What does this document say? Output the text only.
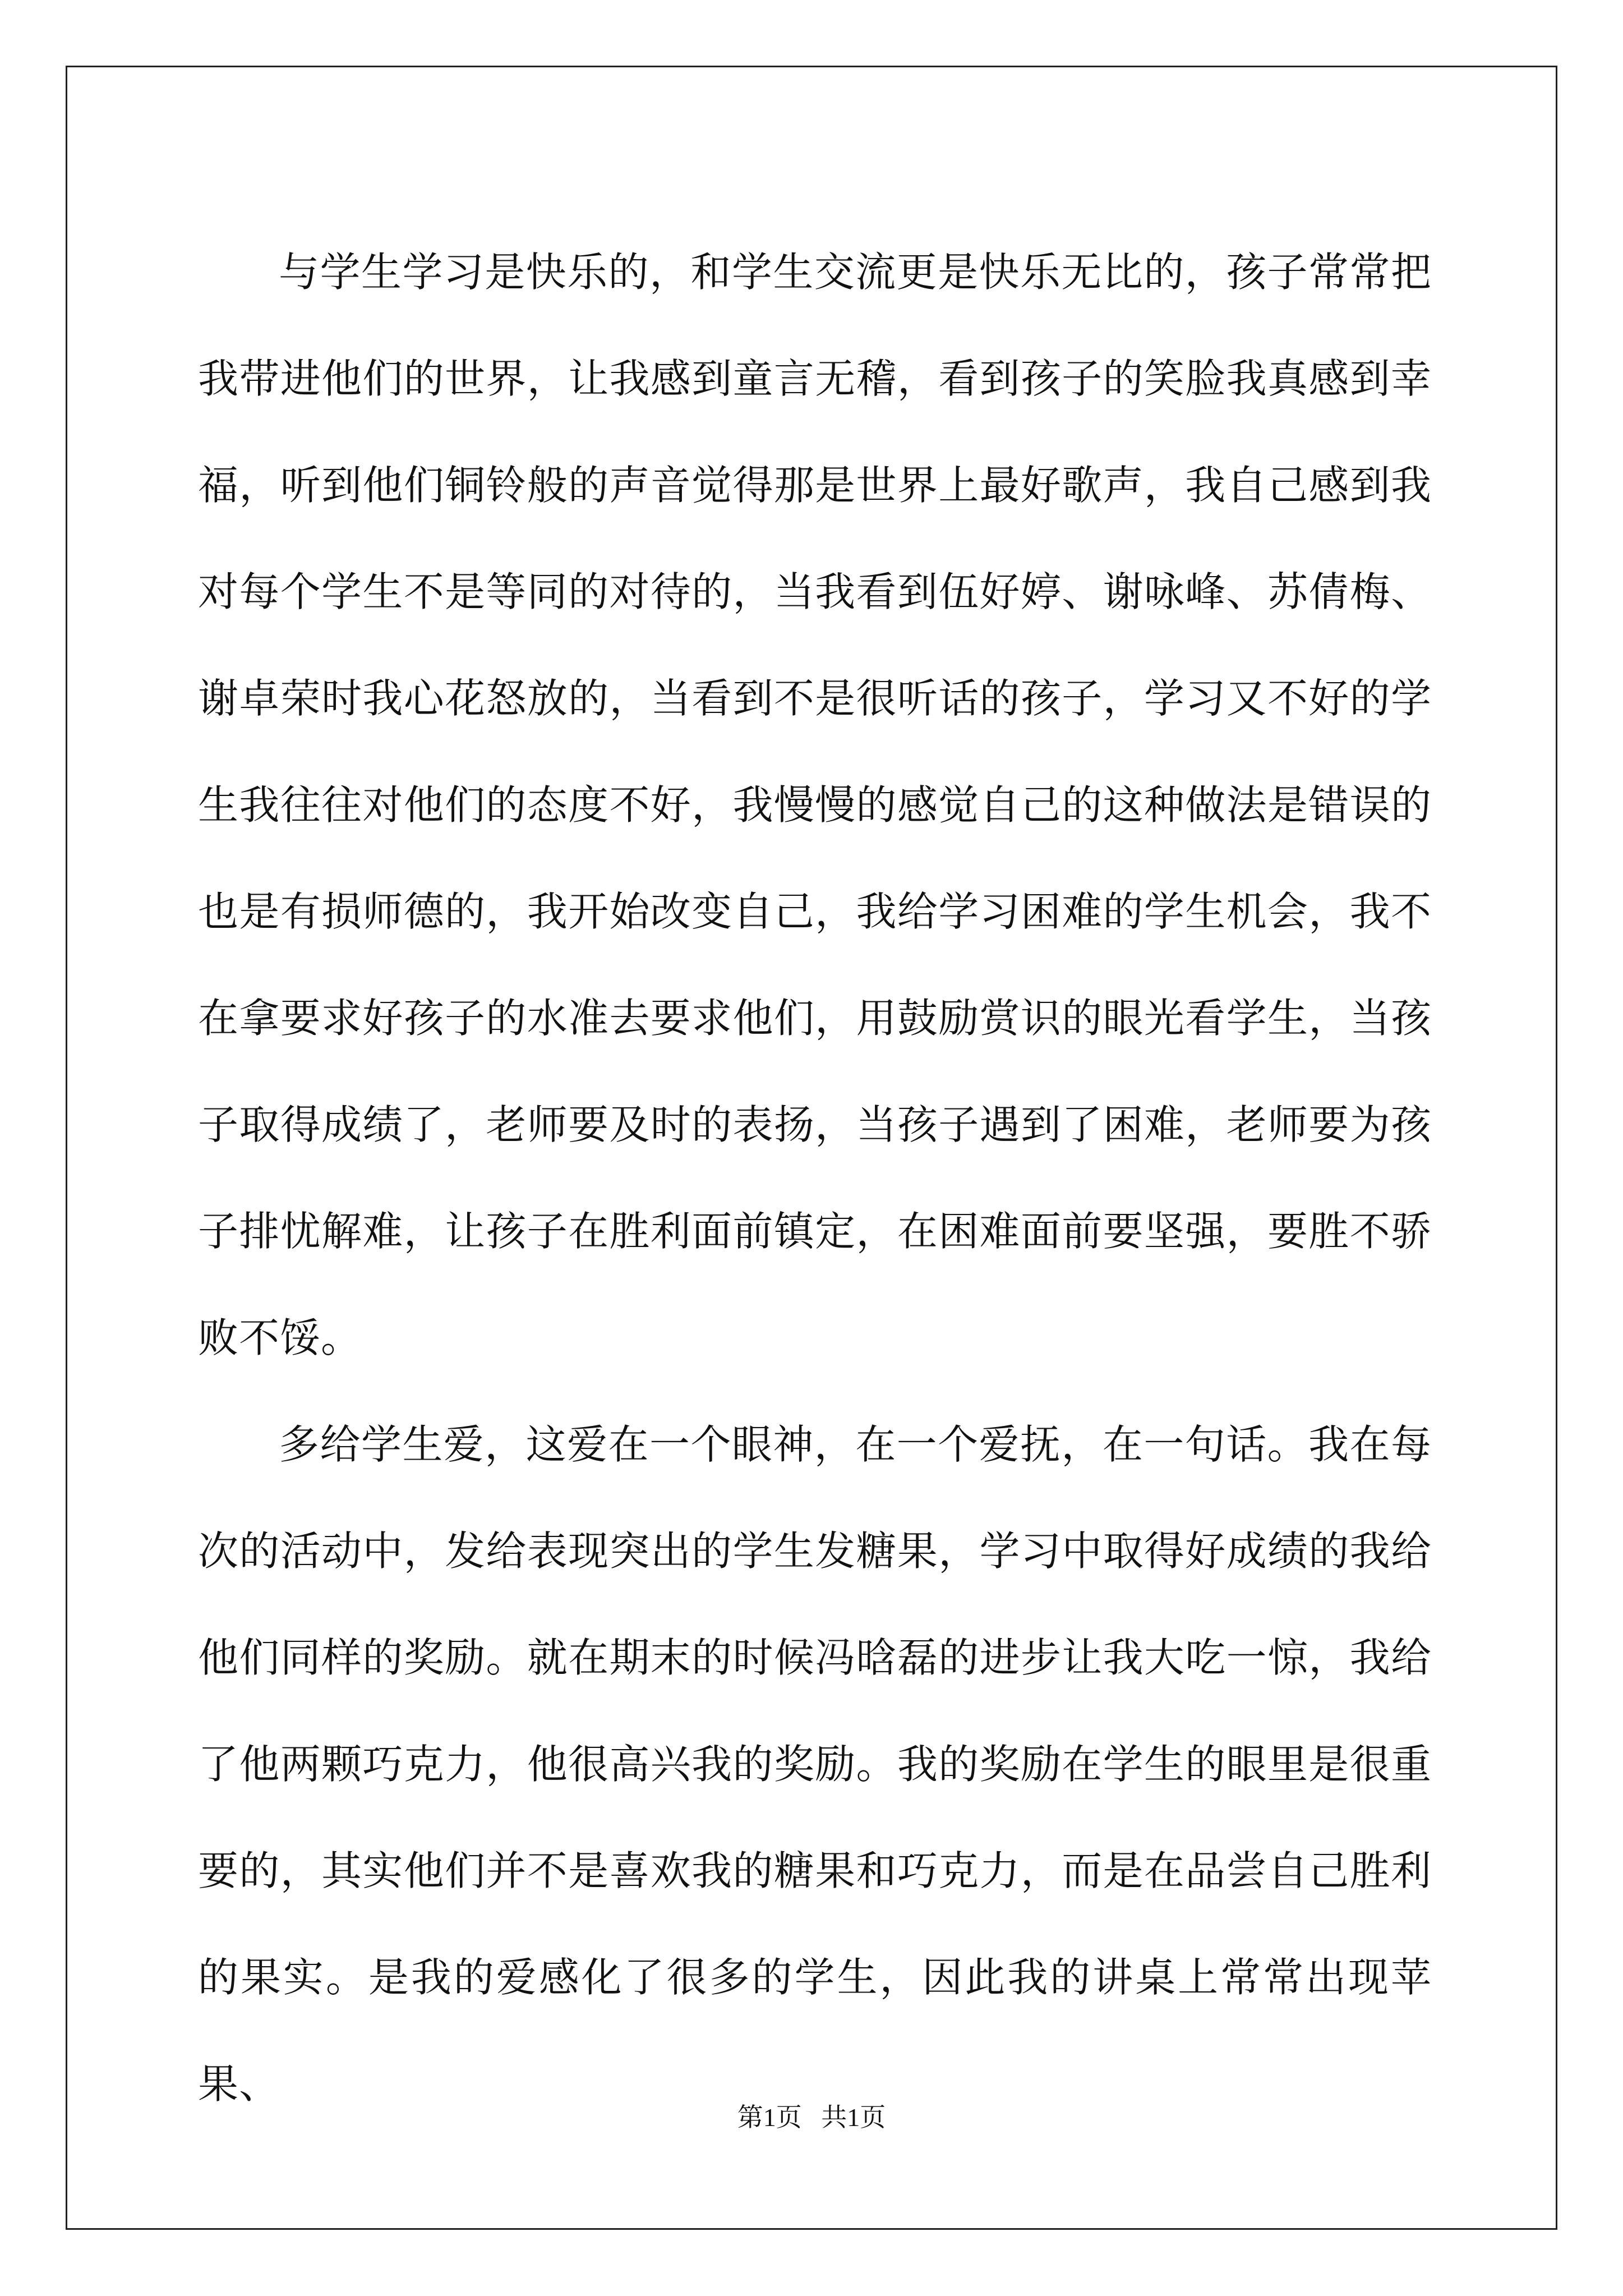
与学生学习是快乐的，和学生交流更是快乐无比的，孩子常常把我带进他们的世界，让我感到童言无稽，看到孩子的笑脸我真感到幸福，听到他们铜铃般的声音觉得那是世界上最好歌声，我自己感到我对每个学生不是等同的对待的，当我看到伍好婷、谢咏峰、苏倩梅、谢卓荣时我心花怒放的，当看到不是很听话的孩子，学习又不好的学生我往往对他们的态度不好，我慢慢的感觉自己的这种做法是错误的也是有损师德的，我开始改变自己，我给学习困难的学生机会，我不在拿要求好孩子的水准去要求他们，用鼓励赏识的眼光看学生，当孩子取得成绩了，老师要及时的表扬，当孩子遇到了困难，老师要为孩子排忧解难，让孩子在胜利面前镇定，在困难面前要坚强，要胜不骄败不馁。

多给学生爱，这爱在一个眼神，在一个爱抚，在一句话。我在每次的活动中，发给表现突出的学生发糖果，学习中取得好成绩的我给他们同样的奖励。就在期末的时候冯晗磊的进步让我大吃一惊，我给了他两颗巧克力，他很高兴我的奖励。我的奖励在学生的眼里是很重要的，其实他们并不是喜欢我的糖果和巧克力，而是在品尝自己胜利的果实。是我的爱感化了很多的学生，因此我的讲桌上常常出现苹果、

第1页   共1页
